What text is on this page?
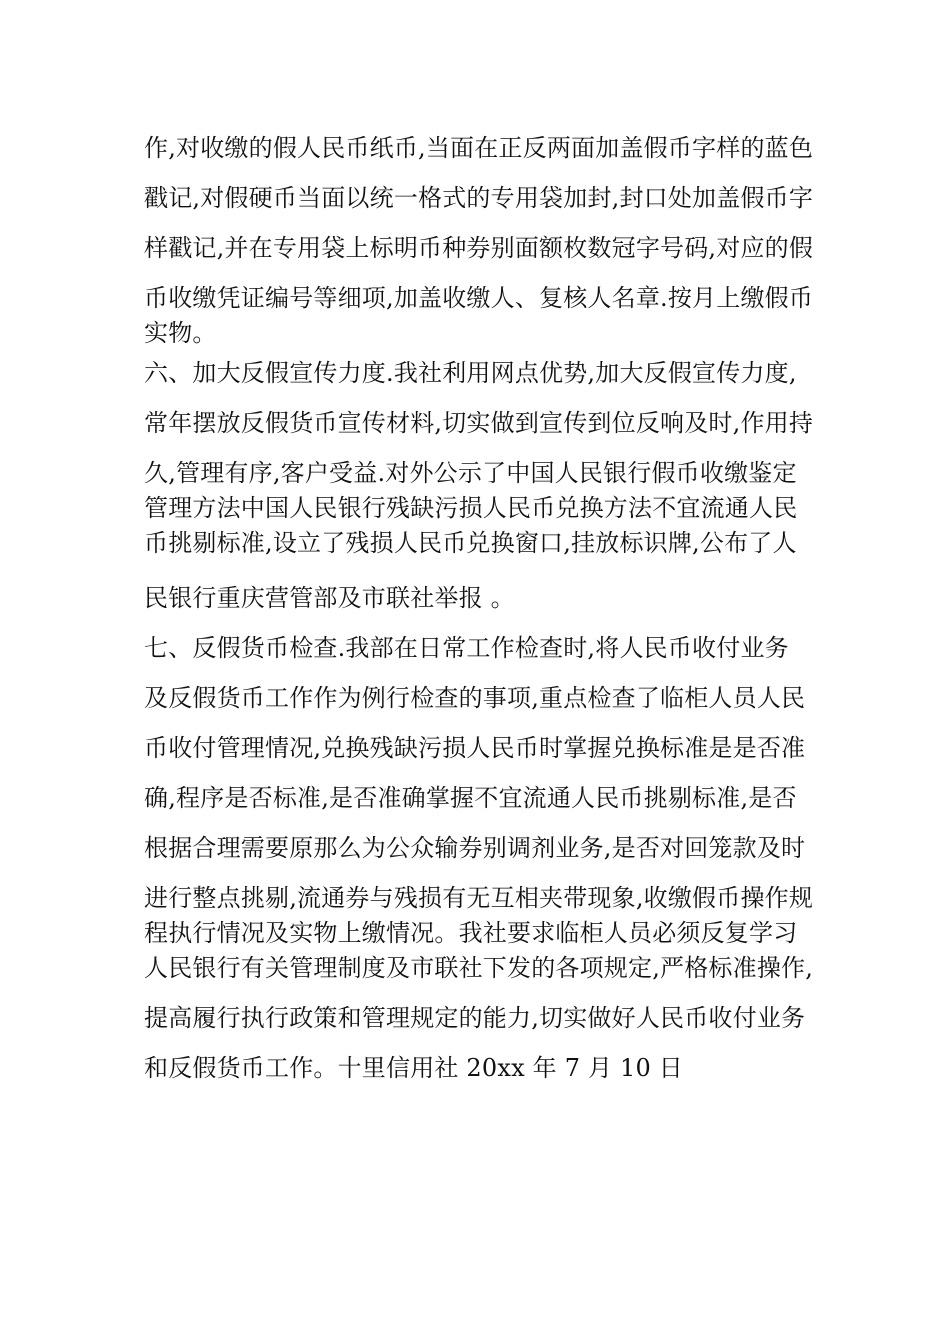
作,对收缴的假人民币纸币,当面在正反两面加盖假币字样的蓝色
戳记,对假硬币当面以统一格式的专用袋加封,封口处加盖假币字
样戳记,并在专用袋上标明币种券别面额枚数冠字号码,对应的假
币收缴凭证编号等细项,加盖收缴人、复核人名章.按月上缴假币
实物。
六、加大反假宣传力度.我社利用网点优势,加大反假宣传力度,
常年摆放反假货币宣传材料,切实做到宣传到位反响及时,作用持
久,管理有序,客户受益.对外公示了中国人民银行假币收缴鉴定
管理方法中国人民银行残缺污损人民币兑换方法不宜流通人民
币挑剔标准,设立了残损人民币兑换窗口,挂放标识牌,公布了人
民银行重庆营管部及市联社举报 。
七、反假货币检查.我部在日常工作检查时,将人民币收付业务
及反假货币工作作为例行检查的事项,重点检查了临柜人员人民
币收付管理情况,兑换残缺污损人民币时掌握兑换标准是是否准
确,程序是否标准,是否准确掌握不宜流通人民币挑剔标准,是否
根据合理需要原那么为公众输券别调剂业务,是否对回笼款及时
进行整点挑剔,流通券与残损有无互相夹带现象,收缴假币操作规
程执行情况及实物上缴情况。我社要求临柜人员必须反复学习
人民银行有关管理制度及市联社下发的各项规定,严格标准操作,
提高履行执行政策和管理规定的能力,切实做好人民币收付业务
和反假货币工作。十里信用社 20xx 年 7 月 10 日
